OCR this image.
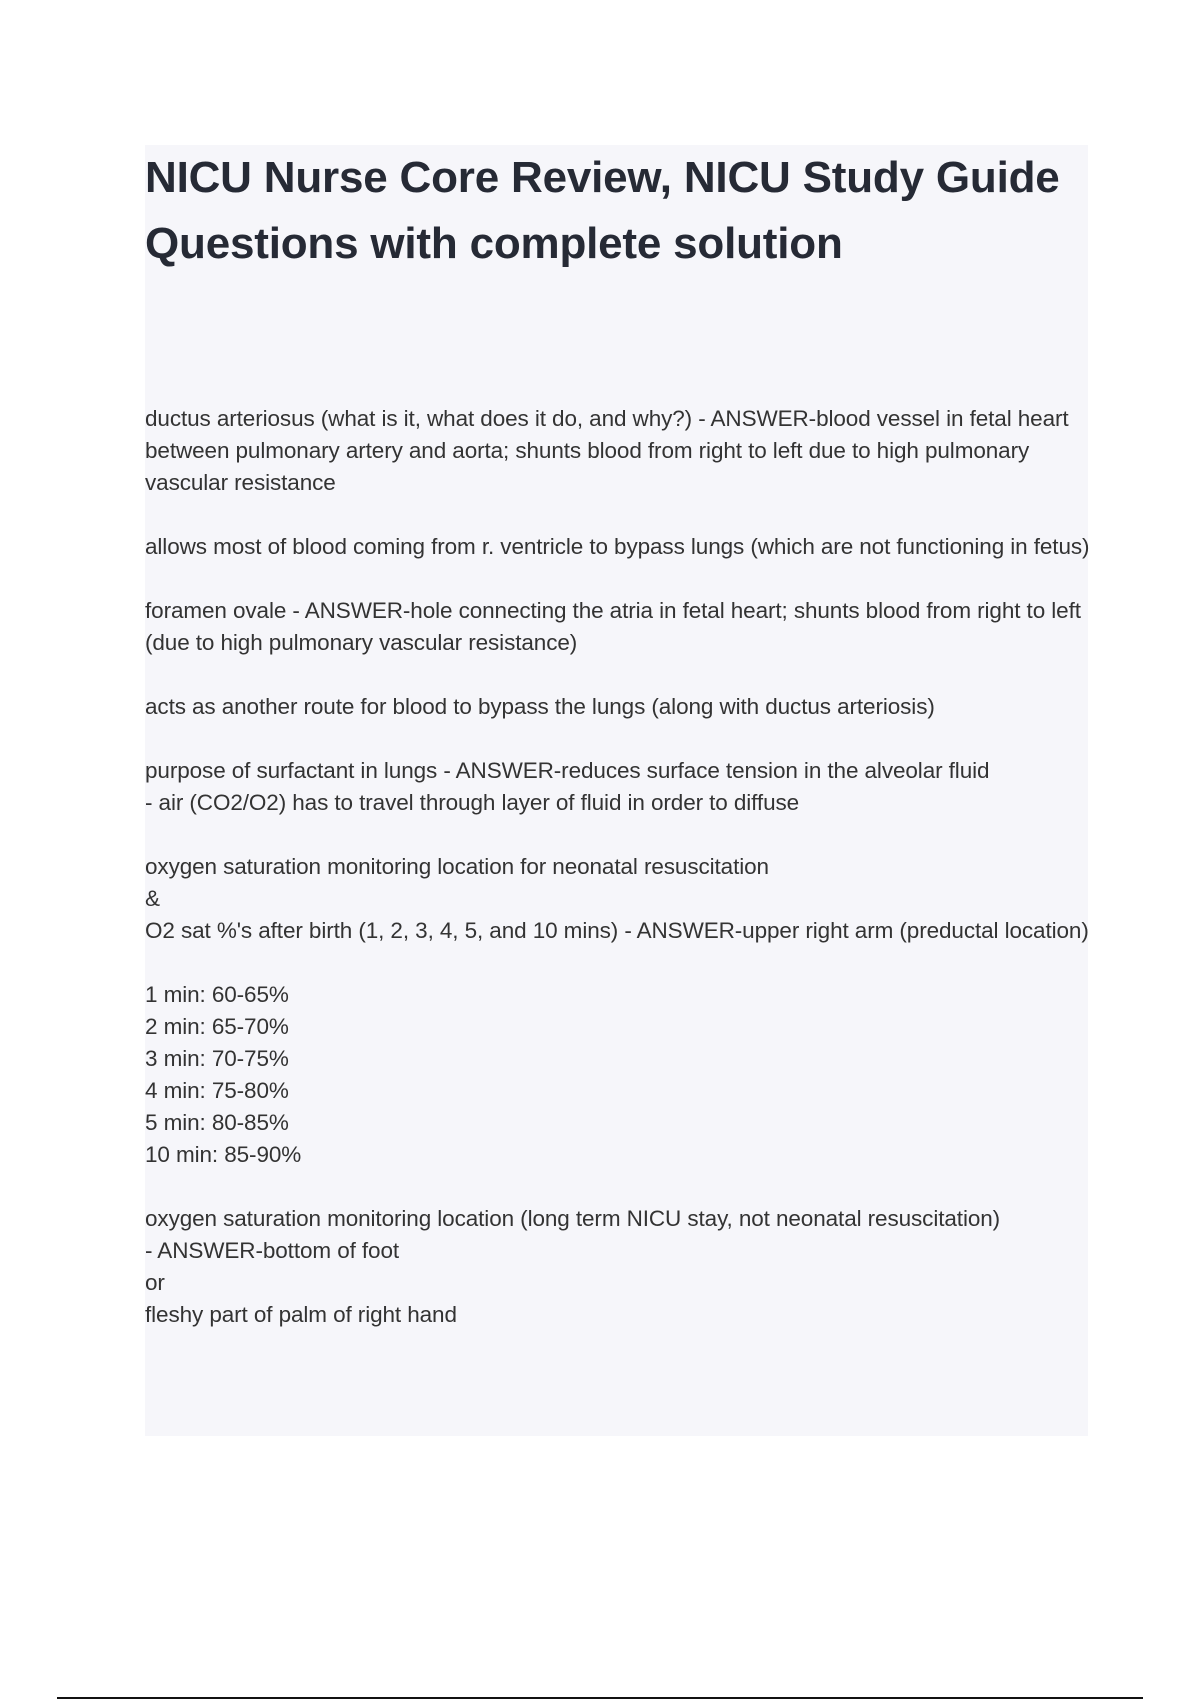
NICU Nurse Core Review, NICU Study Guide Questions with complete solution

ductus arteriosus (what is it, what does it do, and why?) - ANSWER-blood vessel in fetal heart between pulmonary artery and aorta; shunts blood from right to left due to high pulmonary vascular resistance

allows most of blood coming from r. ventricle to bypass lungs (which are not functioning in fetus)

foramen ovale - ANSWER-hole connecting the atria in fetal heart; shunts blood from right to left (due to high pulmonary vascular resistance)

acts as another route for blood to bypass the lungs (along with ductus arteriosis)

purpose of surfactant in lungs - ANSWER-reduces surface tension in the alveolar fluid
- air (CO2/O2) has to travel through layer of fluid in order to diffuse

oxygen saturation monitoring location for neonatal resuscitation
&
O2 sat %'s after birth (1, 2, 3, 4, 5, and 10 mins) - ANSWER-upper right arm (preductal location)

1 min: 60-65%
2 min: 65-70%
3 min: 70-75%
4 min: 75-80%
5 min: 80-85%
10 min: 85-90%

oxygen saturation monitoring location (long term NICU stay, not neonatal resuscitation)
- ANSWER-bottom of foot
or
fleshy part of palm of right hand
